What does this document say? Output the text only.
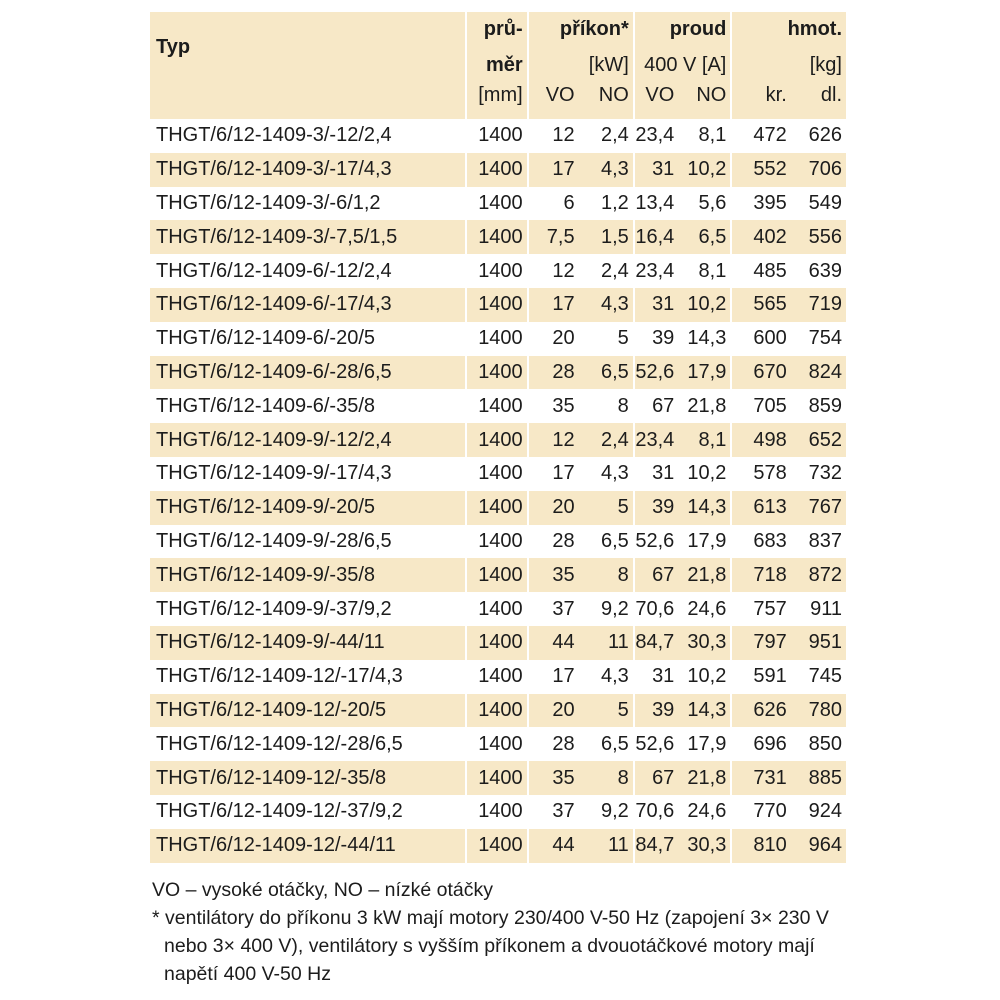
Typ	prů-	příkon*		proud		hmot.	
	měr	[kW]		400 V [A]		[kg]	
	[mm]	VO	NO	VO	NO	kr.	dl.
THGT/6/12-1409-3/-12/2,4	1400	12	2,4	23,4	8,1	472	626
THGT/6/12-1409-3/-17/4,3	1400	17	4,3	31	10,2	552	706
THGT/6/12-1409-3/-6/1,2	1400	6	1,2	13,4	5,6	395	549
THGT/6/12-1409-3/-7,5/1,5	1400	7,5	1,5	16,4	6,5	402	556
THGT/6/12-1409-6/-12/2,4	1400	12	2,4	23,4	8,1	485	639
THGT/6/12-1409-6/-17/4,3	1400	17	4,3	31	10,2	565	719
THGT/6/12-1409-6/-20/5	1400	20	5	39	14,3	600	754
THGT/6/12-1409-6/-28/6,5	1400	28	6,5	52,6	17,9	670	824
THGT/6/12-1409-6/-35/8	1400	35	8	67	21,8	705	859
THGT/6/12-1409-9/-12/2,4	1400	12	2,4	23,4	8,1	498	652
THGT/6/12-1409-9/-17/4,3	1400	17	4,3	31	10,2	578	732
THGT/6/12-1409-9/-20/5	1400	20	5	39	14,3	613	767
THGT/6/12-1409-9/-28/6,5	1400	28	6,5	52,6	17,9	683	837
THGT/6/12-1409-9/-35/8	1400	35	8	67	21,8	718	872
THGT/6/12-1409-9/-37/9,2	1400	37	9,2	70,6	24,6	757	911
THGT/6/12-1409-9/-44/11	1400	44	11	84,7	30,3	797	951
THGT/6/12-1409-12/-17/4,3	1400	17	4,3	31	10,2	591	745
THGT/6/12-1409-12/-20/5	1400	20	5	39	14,3	626	780
THGT/6/12-1409-12/-28/6,5	1400	28	6,5	52,6	17,9	696	850
THGT/6/12-1409-12/-35/8	1400	35	8	67	21,8	731	885
THGT/6/12-1409-12/-37/9,2	1400	37	9,2	70,6	24,6	770	924
THGT/6/12-1409-12/-44/11	1400	44	11	84,7	30,3	810	964

VO – vysoké otáčky, NO – nízké otáčky

* ventilátory do příkonu 3 kW mají motory 230/400 V-50 Hz (zapojení 3× 230 V nebo 3× 400 V), ventilátory s vyšším příkonem a dvouotáčkové motory mají napětí 400 V-50 Hz
